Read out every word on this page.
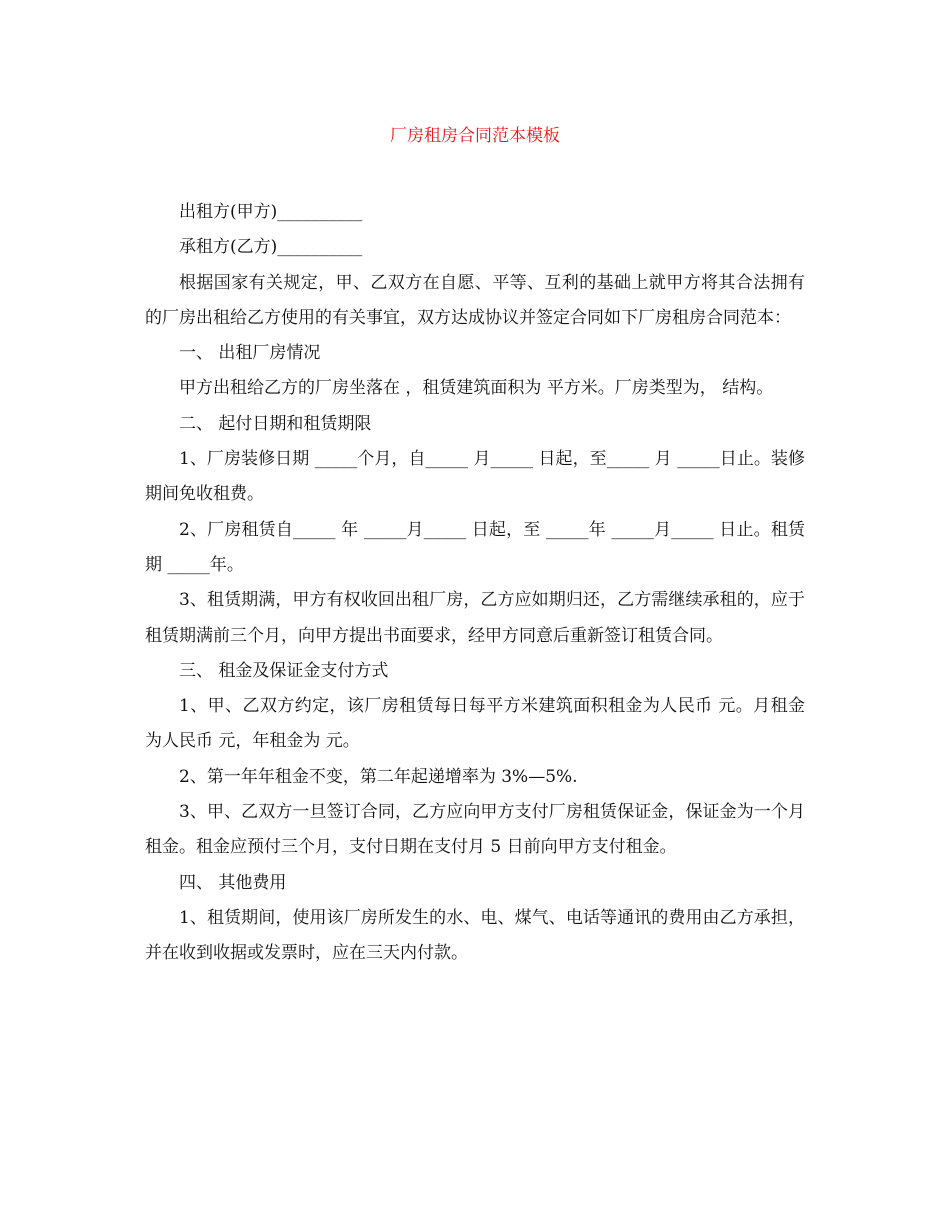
厂房租房合同范本模板

出租方(甲方)__________

承租方(乙方)__________

根据国家有关规定，甲、乙双方在自愿、平等、互利的基础上就甲方将其合法拥有的厂房出租给乙方使用的有关事宜，双方达成协议并签定合同如下厂房租房合同范本：

一、 出租厂房情况

甲方出租给乙方的厂房坐落在 ，租赁建筑面积为 平方米。厂房类型为， 结构。

二、 起付日期和租赁期限

1、厂房装修日期 _____个月，自_____ 月_____ 日起，至_____ 月 _____日止。装修期间免收租费。

2、厂房租赁自_____ 年 _____月_____ 日起，至 _____年 _____月_____ 日止。租赁期 _____年。

3、租赁期满，甲方有权收回出租厂房，乙方应如期归还，乙方需继续承租的，应于租赁期满前三个月，向甲方提出书面要求，经甲方同意后重新签订租赁合同。

三、 租金及保证金支付方式

1、甲、乙双方约定，该厂房租赁每日每平方米建筑面积租金为人民币 元。月租金为人民币 元，年租金为 元。

2、第一年年租金不变，第二年起递增率为 3%—5%.

3、甲、乙双方一旦签订合同，乙方应向甲方支付厂房租赁保证金，保证金为一个月租金。租金应预付三个月，支付日期在支付月 5 日前向甲方支付租金。

四、 其他费用

1、租赁期间，使用该厂房所发生的水、电、煤气、电话等通讯的费用由乙方承担，并在收到收据或发票时，应在三天内付款。
